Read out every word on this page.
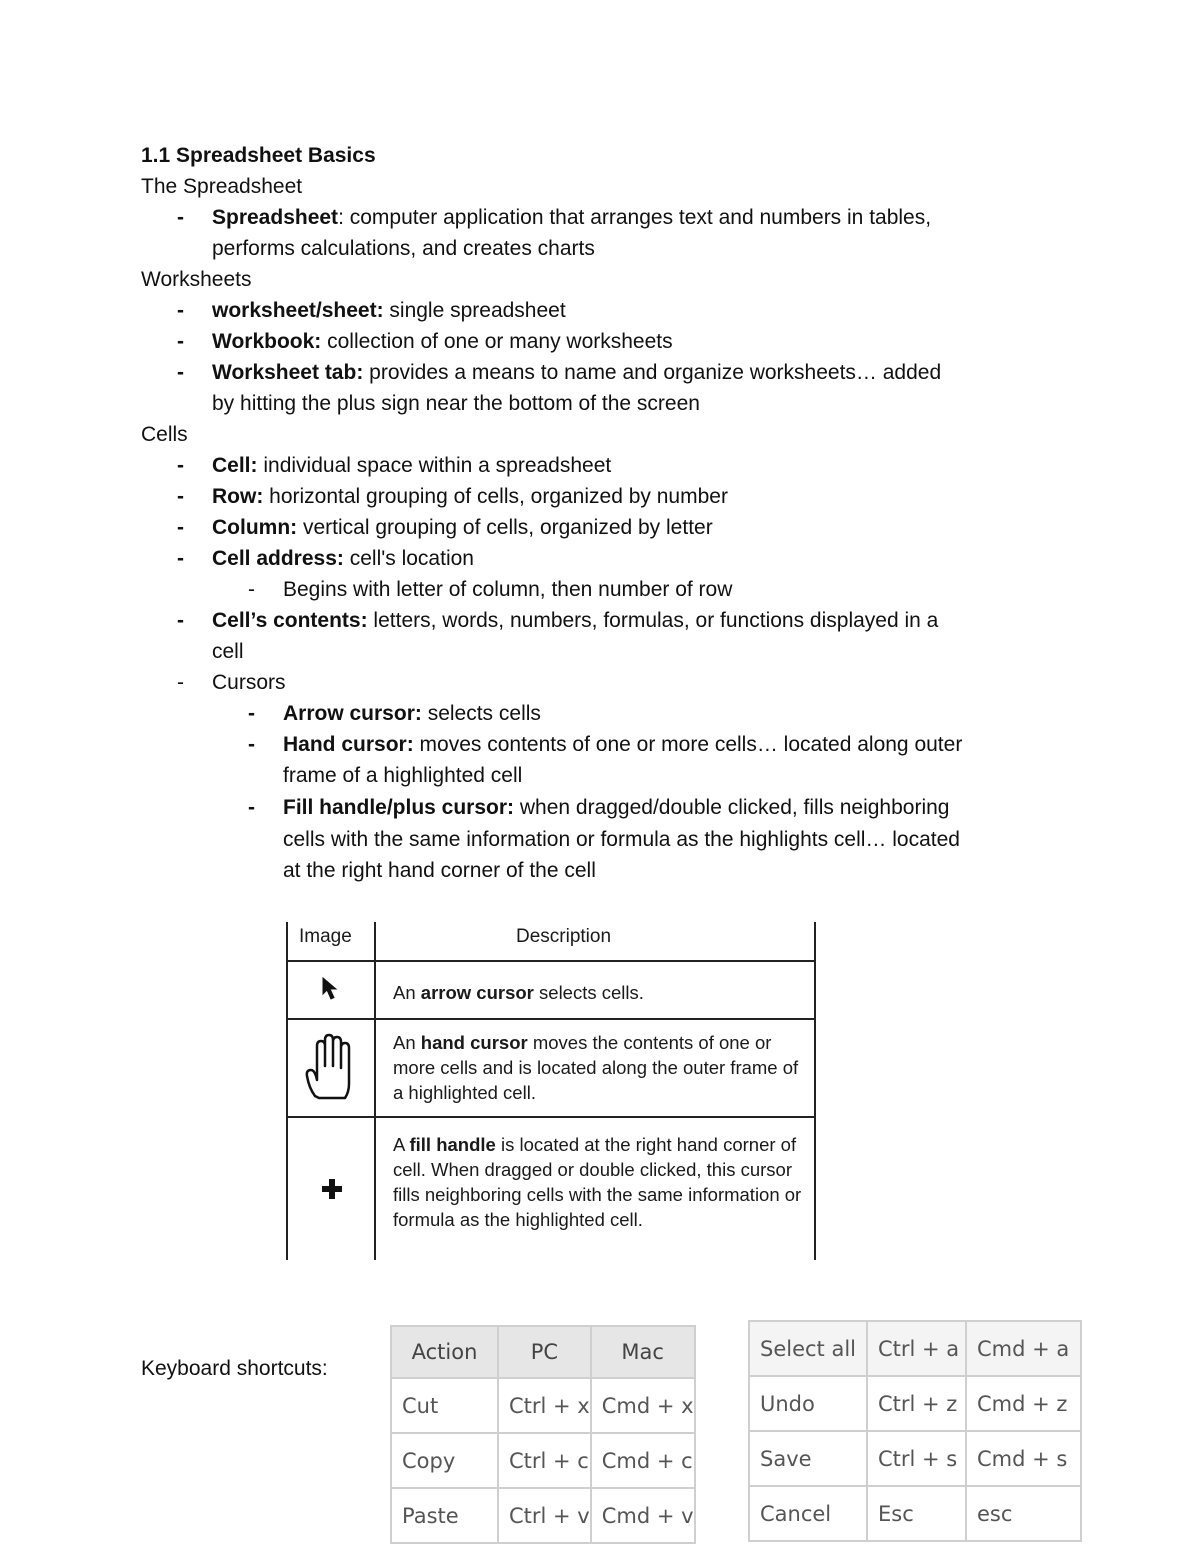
1.1 Spreadsheet Basics
The Spreadsheet
- Spreadsheet: computer application that arranges text and numbers in tables,
performs calculations, and creates charts
Worksheets
- worksheet/sheet: single spreadsheet
- Workbook: collection of one or many worksheets
- Worksheet tab: provides a means to name and organize worksheets… added
by hitting the plus sign near the bottom of the screen
Cells
- Cell: individual space within a spreadsheet
- Row: horizontal grouping of cells, organized by number
- Column: vertical grouping of cells, organized by letter
- Cell address: cell's location
- Begins with letter of column, then number of row
- Cell’s contents: letters, words, numbers, formulas, or functions displayed in a
cell
- Cursors
- Arrow cursor: selects cells
- Hand cursor: moves contents of one or more cells… located along outer
frame of a highlighted cell
- Fill handle/plus cursor: when dragged/double clicked, fills neighboring
cells with the same information or formula as the highlights cell… located
at the right hand corner of the cell
Image	Description
An arrow cursor selects cells.
An hand cursor moves the contents of one or more cells and is located along the outer frame of a highlighted cell.
A fill handle is located at the right hand corner of cell. When dragged or double clicked, this cursor fills neighboring cells with the same information or formula as the highlighted cell.
Keyboard shortcuts:
Action	PC	Mac
Cut	Ctrl + x	Cmd + x
Copy	Ctrl + c	Cmd + c
Paste	Ctrl + v	Cmd + v
Select all	Ctrl + a	Cmd + a
Undo	Ctrl + z	Cmd + z
Save	Ctrl + s	Cmd + s
Cancel	Esc	esc
